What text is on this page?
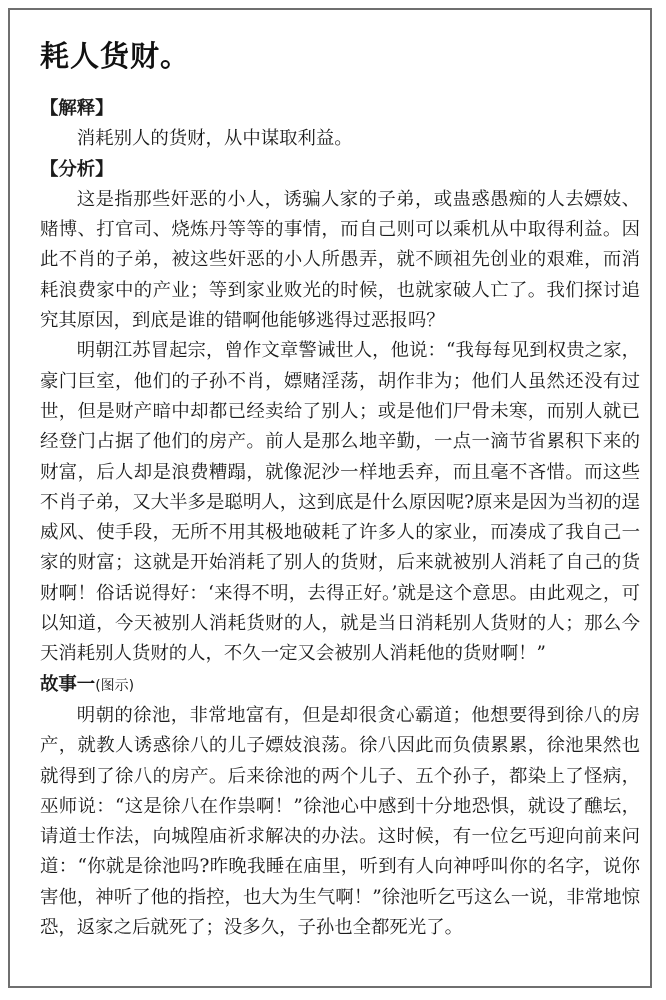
耗人货财。
【解释】

消耗别人的货财，从中谋取利益。

【分析】

这是指那些奸恶的小人，诱骗人家的子弟，或蛊惑愚痴的人去嫖妓、赌博、打官司、烧炼丹等等的事情，而自己则可以乘机从中取得利益。因此不肖的子弟，被这些奸恶的小人所愚弄，就不顾祖先创业的艰难，而消耗浪费家中的产业；等到家业败光的时候，也就家破人亡了。我们探讨追究其原因，到底是谁的错啊他能够逃得过恶报吗？

明朝江苏冒起宗，曾作文章警诫世人，他说：“我每每见到权贵之家，豪门巨室，他们的子孙不肖，嫖赌淫荡，胡作非为；他们人虽然还没有过世，但是财产暗中却都已经卖给了别人；或是他们尸骨未寒，而别人就已经登门占据了他们的房产。前人是那么地辛勤，一点一滴节省累积下来的财富，后人却是浪费糟蹋，就像泥沙一样地丢弃，而且毫不吝惜。而这些不肖子弟，又大半多是聪明人，这到底是什么原因呢?原来是因为当初的逞威风、使手段，无所不用其极地破耗了许多人的家业，而凑成了我自己一家的财富；这就是开始消耗了别人的货财，后来就被别人消耗了自己的货财啊！俗话说得好：‘来得不明，去得正好。’就是这个意思。由此观之，可以知道，今天被别人消耗货财的人，就是当日消耗别人货财的人；那么今天消耗别人货财的人，不久一定又会被别人消耗他的货财啊！”

故事一(图示)

明朝的徐池，非常地富有，但是却很贪心霸道；他想要得到徐八的房产，就教人诱惑徐八的儿子嫖妓浪荡。徐八因此而负债累累，徐池果然也就得到了徐八的房产。后来徐池的两个儿子、五个孙子，都染上了怪病，巫师说：“这是徐八在作祟啊！”徐池心中感到十分地恐惧，就设了醮坛，请道士作法，向城隍庙祈求解决的办法。这时候，有一位乞丐迎向前来问道：“你就是徐池吗?昨晚我睡在庙里，听到有人向神呼叫你的名字，说你害他，神听了他的指控，也大为生气啊！”徐池听乞丐这么一说，非常地惊恐，返家之后就死了；没多久，子孙也全都死光了。
